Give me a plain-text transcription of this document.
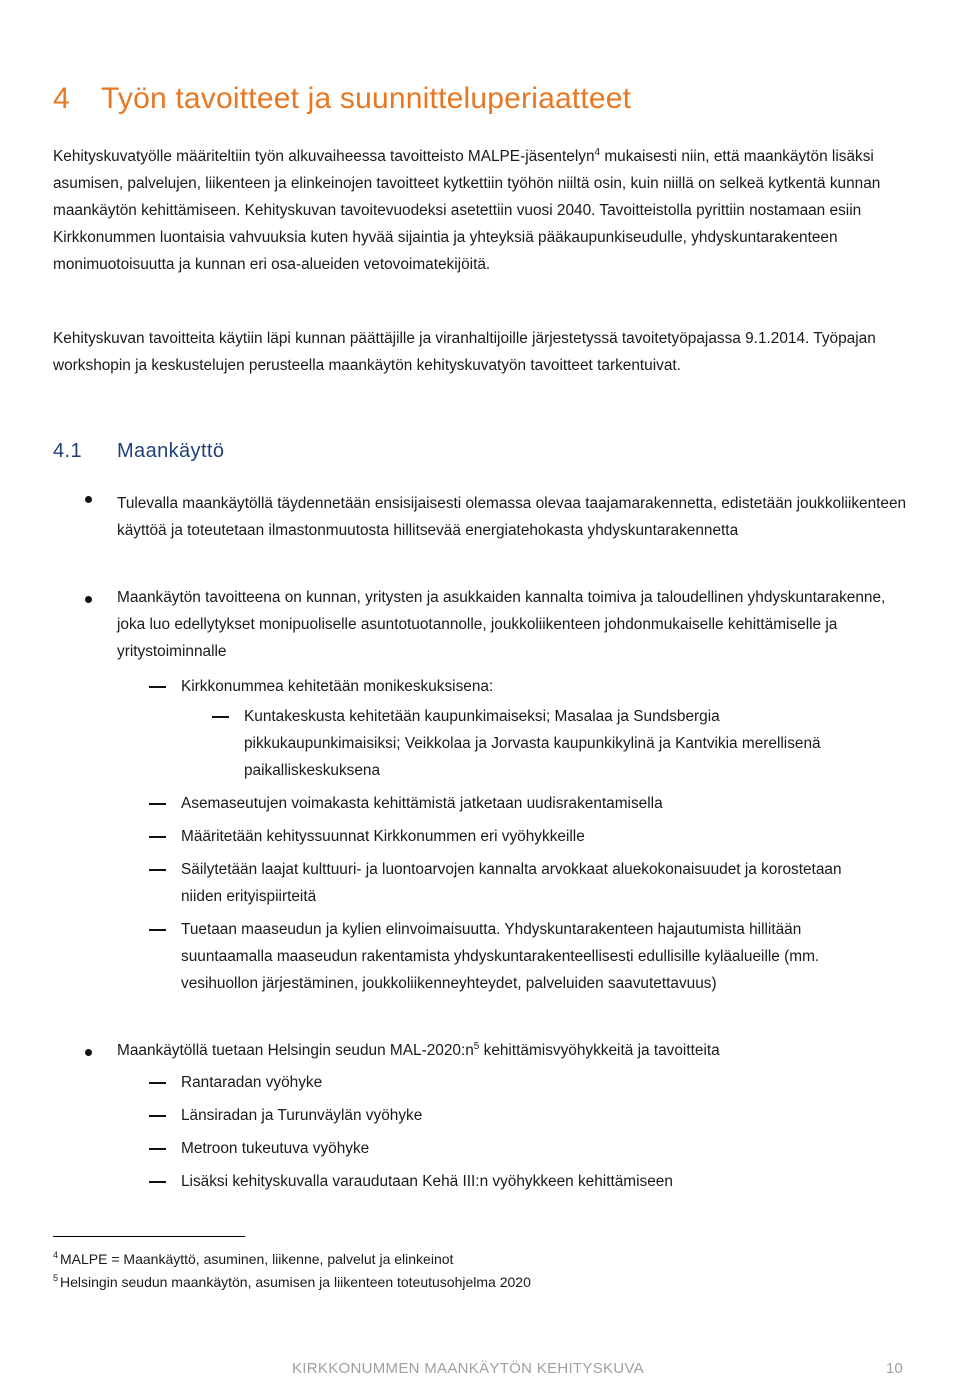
4 Työn tavoitteet ja suunnitteluperiaatteet

Kehityskuvatyölle määriteltiin työn alkuvaiheessa tavoitteisto MALPE-jäsentelyn$^4$ mukaisesti niin, että maankäytön lisäksi asumisen, palvelujen, liikenteen ja elinkeinojen tavoitteet kytkettiin työhön niiltä osin, kuin niillä on selkeä kytkentä kunnan maankäytön kehittämiseen. Kehityskuvan tavoitevuodeksi asetettiin vuosi 2040. Tavoitteistolla pyrittiin nostamaan esiin Kirkkonummen luontaisia vahvuuksia kuten hyvää sijaintia ja yhteyksiä pääkaupunkiseudulle, yhdyskuntarakenteen monimuotoisuutta ja kunnan eri osa-alueiden vetovoimatekijöitä.

Kehityskuvan tavoitteita käytiin läpi kunnan päättäjille ja viranhaltijoille järjestetyssä tavoitetyöpajassa 9.1.2014. Työpajan workshopin ja keskustelujen perusteella maankäytön kehityskuvatyön tavoitteet tarkentuivat.

4.1 Maankäyttö

Tulevalla maankäytöllä täydennetään ensisijaisesti olemassa olevaa taajamarakennetta, edistetään joukkoliikenteen käyttöä ja toteutetaan ilmastonmuutosta hillitsevää energiatehokasta yhdyskuntarakennetta

Maankäytön tavoitteena on kunnan, yritysten ja asukkaiden kannalta toimiva ja taloudellinen yhdyskuntarakenne, joka luo edellytykset monipuoliselle asuntotuotannolle, joukkoliikenteen johdonmukaiselle kehittämiselle ja yritystoiminnalle

Kirkkonummea kehitetään monikeskuksisena:

Kuntakeskusta kehitetään kaupunkimaiseksi; Masalaa ja Sundsbergia pikkukaupunkimaisiksi; Veikkolaa ja Jorvasta kaupunkikylinä ja Kantvikia merellisenä paikalliskeskuksena

Asemaseutujen voimakasta kehittämistä jatketaan uudisrakentamisella

Määritetään kehityssuunnat Kirkkonummen eri vyöhykkeille

Säilytetään laajat kulttuuri- ja luontoarvojen kannalta arvokkaat aluekokonaisuudet ja korostetaan niiden erityispiirteitä

Tuetaan maaseudun ja kylien elinvoimaisuutta. Yhdyskuntarakenteen hajautumista hillitään suuntaamalla maaseudun rakentamista yhdyskuntarakenteellisesti edullisille kyläalueille (mm. vesihuollon järjestäminen, joukkoliikenneyhteydet, palveluiden saavutettavuus)

Maankäytöllä tuetaan Helsingin seudun MAL-2020:n$^5$ kehittämisvyöhykkeitä ja tavoitteita

Rantaradan vyöhyke

Länsiradan ja Turunväylän vyöhyke

Metroon tukeutuva vyöhyke

Lisäksi kehityskuvalla varaudutaan Kehä III:n vyöhykkeen kehittämiseen

$^4$ MALPE = Maankäyttö, asuminen, liikenne, palvelut ja elinkeinot

$^5$ Helsingin seudun maankäytön, asumisen ja liikenteen toteutusohjelma 2020

KIRKKONUMMEN MAANKÄYTÖN KEHITYSKUVA	10
